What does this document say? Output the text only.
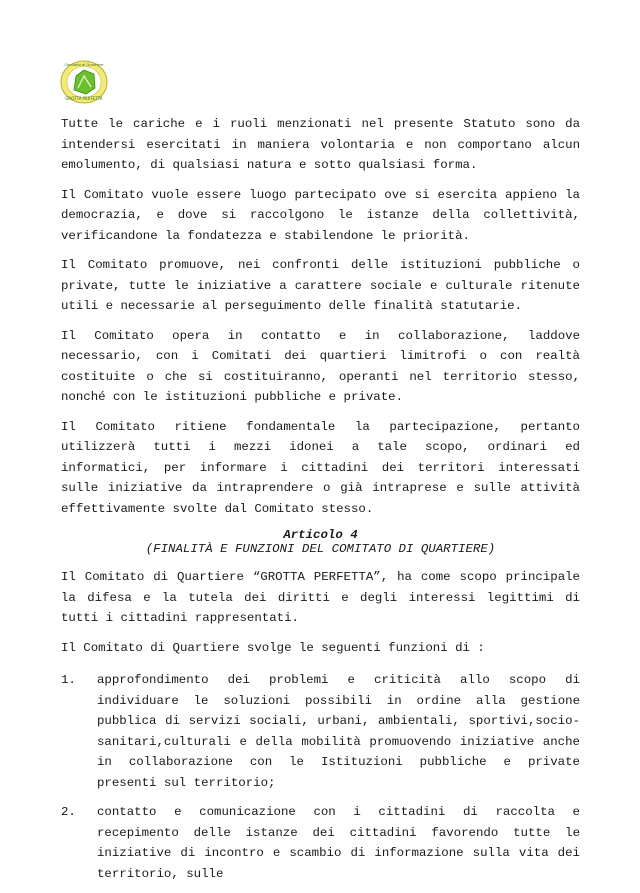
GROTTA PERFETTA
Comitato di Quartiere

Tutte le cariche e i ruoli menzionati nel presente Statuto sono da intendersi esercitati in maniera volontaria e non comportano alcun emolumento, di qualsiasi natura e sotto qualsiasi forma.

Il Comitato vuole essere luogo partecipato ove si esercita appieno la democrazia, e dove si raccolgono le istanze della collettività, verificandone la fondatezza e stabilendone le priorità.

Il Comitato promuove, nei confronti delle istituzioni pubbliche o private, tutte le iniziative a carattere sociale e culturale ritenute utili e necessarie al perseguimento delle finalità statutarie.

Il Comitato opera in contatto e in collaborazione, laddove necessario, con i Comitati dei quartieri limitrofi o con realtà costituite o che si costituiranno, operanti nel territorio stesso, nonché con le istituzioni pubbliche e private.

Il Comitato ritiene fondamentale la partecipazione, pertanto utilizzerà tutti i mezzi idonei a tale scopo, ordinari ed informatici, per informare i cittadini dei territori interessati sulle iniziative da intraprendere o già intraprese e sulle attività effettivamente svolte dal Comitato stesso.

Articolo 4
(FINALITÀ E FUNZIONI DEL COMITATO DI QUARTIERE)

Il Comitato di Quartiere “GROTTA PERFETTA”, ha come scopo principale la difesa e la tutela dei diritti e degli interessi legittimi di tutti i cittadini rappresentati.

Il Comitato di Quartiere svolge le seguenti funzioni di :

1. approfondimento dei problemi e criticità allo scopo di individuare le soluzioni possibili in ordine alla gestione pubblica di servizi sociali, urbani, ambientali, sportivi,socio-sanitari,culturali e della mobilità promuovendo iniziative anche in collaborazione con le Istituzioni pubbliche e private presenti sul territorio;
2. contatto e comunicazione con i cittadini di raccolta e recepimento delle istanze dei cittadini favorendo tutte le iniziative di incontro e scambio di informazione sulla vita dei territorio, sulle
